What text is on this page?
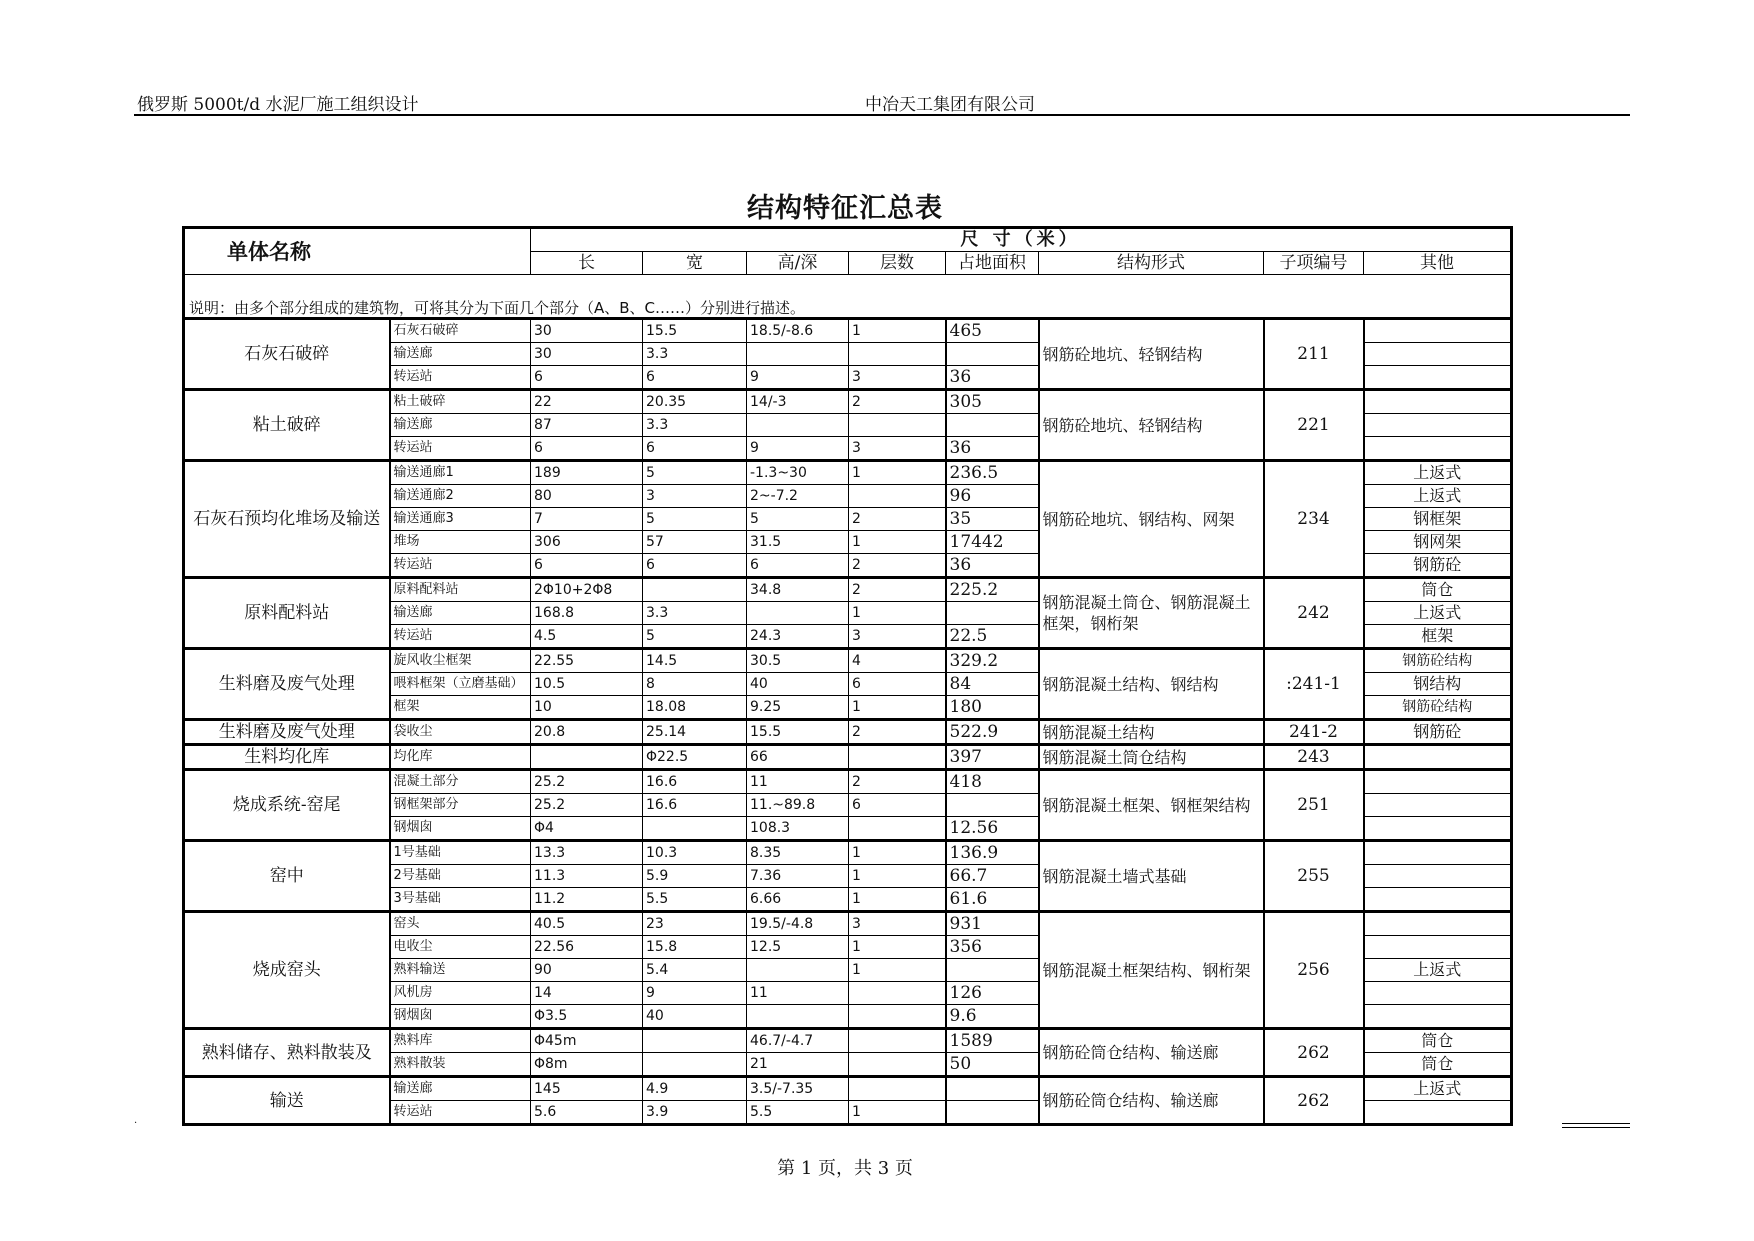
俄罗斯 5000t/d 水泥厂施工组织设计	中冶天工集团有限公司
结构特征汇总表
单体名称		尺 寸（米）							
		长	宽	高/深	层数	占地面积	结构形式	子项编号	其他
说明：由多个部分组成的建筑物，可将其分为下面几个部分（A、B、C……）分别进行描述。									
石灰石破碎	石灰石破碎	30	15.5	18.5/-8.6	1	465	钢筋砼地坑、轻钢结构	211	
	输送廊	30	3.3						
	转运站	6	6	9	3	36			
粘土破碎	粘土破碎	22	20.35	14/-3	2	305	钢筋砼地坑、轻钢结构	221	
	输送廊	87	3.3						
	转运站	6	6	9	3	36			
石灰石预均化堆场及输送	输送通廊1	189	5	-1.3~30	1	236.5	钢筋砼地坑、钢结构、网架	234	上返式
	输送通廊2	80	3	2~-7.2		96			上返式
	输送通廊3	7	5	5	2	35			钢框架
	堆场	306	57	31.5	1	17442			钢网架
	转运站	6	6	6	2	36			钢筋砼
原料配料站	原料配料站	2Φ10+2Φ8		34.8	2	225.2	钢筋混凝土筒仓、钢筋混凝土框架，钢桁架	242	筒仓
	输送廊	168.8	3.3		1				上返式
	转运站	4.5	5	24.3	3	22.5			框架
生料磨及废气处理	旋风收尘框架	22.55	14.5	30.5	4	329.2	钢筋混凝土结构、钢结构	:241-1	钢筋砼结构
	喂料框架（立磨基础）	10.5	8	40	6	84			钢结构
	框架	10	18.08	9.25	1	180			钢筋砼结构
生料磨及废气处理	袋收尘	20.8	25.14	15.5	2	522.9	钢筋混凝土结构	241-2	钢筋砼
生料均化库	均化库		Φ22.5	66		397	钢筋混凝土筒仓结构	243	
烧成系统-窑尾	混凝土部分	25.2	16.6	11	2	418	钢筋混凝土框架、钢框架结构	251	
	钢框架部分	25.2	16.6	11.~89.8	6				
	钢烟囱	Φ4		108.3		12.56			
窑中	1号基础	13.3	10.3	8.35	1	136.9	钢筋混凝土墙式基础	255	
	2号基础	11.3	5.9	7.36	1	66.7			
	3号基础	11.2	5.5	6.66	1	61.6			
烧成窑头	窑头	40.5	23	19.5/-4.8	3	931	钢筋混凝土框架结构、钢桁架	256	
	电收尘	22.56	15.8	12.5	1	356			
	熟料输送	90	5.4		1				上返式
	风机房	14	9	11		126			
	钢烟囱	Φ3.5	40			9.6			
熟料储存、熟料散装及	熟料库	Φ45m		46.7/-4.7		1589	钢筋砼筒仓结构、输送廊	262	筒仓
	熟料散装	Φ8m		21		50			筒仓
输送	输送廊	145	4.9	3.5/-7.35			钢筋砼筒仓结构、输送廊	262	上返式
	转运站	5.6	3.9	5.5	1				
.
第 1 页，共 3 页
